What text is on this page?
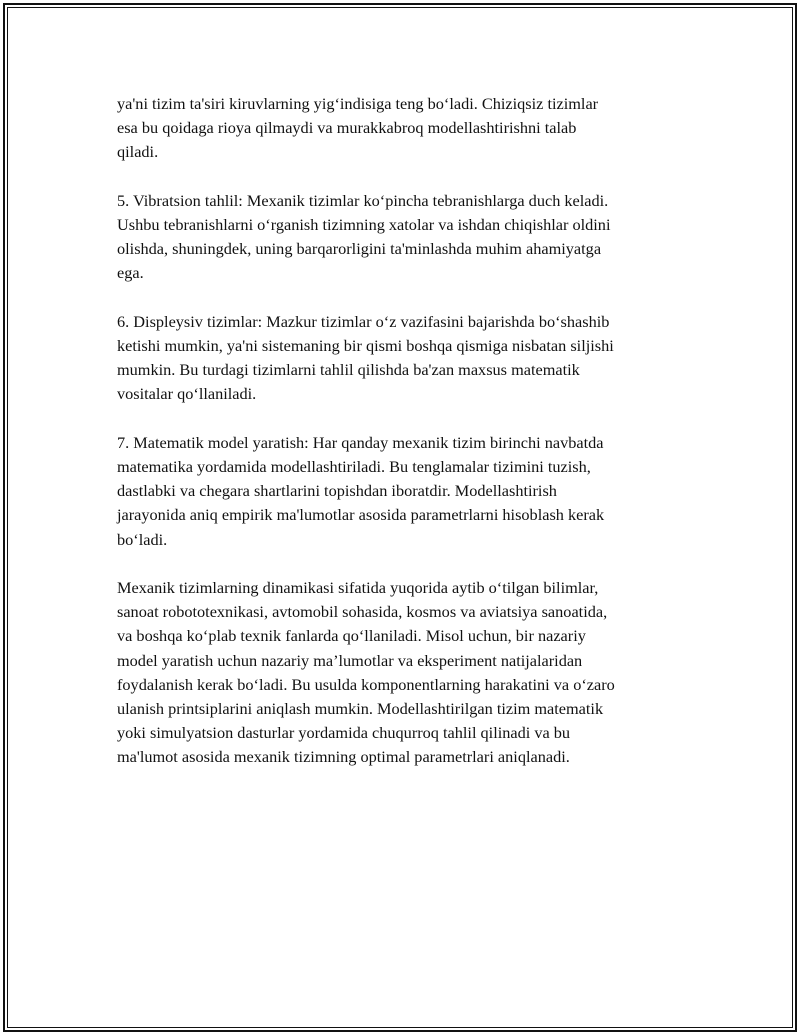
ya'ni tizim ta'siri kiruvlarning yig‘indisiga teng bo‘ladi. Chiziqsiz tizimlar
esa bu qoidaga rioya qilmaydi va murakkabroq modellashtirishni talab
qiladi.

5. Vibratsion tahlil: Mexanik tizimlar ko‘pincha tebranishlarga duch keladi.
Ushbu tebranishlarni o‘rganish tizimning xatolar va ishdan chiqishlar oldini
olishda, shuningdek, uning barqarorligini ta'minlashda muhim ahamiyatga
ega.

6. Displeysiv tizimlar: Mazkur tizimlar o‘z vazifasini bajarishda bo‘shashib
ketishi mumkin, ya'ni sistemaning bir qismi boshqa qismiga nisbatan siljishi
mumkin. Bu turdagi tizimlarni tahlil qilishda ba'zan maxsus matematik
vositalar qo‘llaniladi.

7. Matematik model yaratish: Har qanday mexanik tizim birinchi navbatda
matematika yordamida modellashtiriladi. Bu tenglamalar tizimini tuzish,
dastlabki va chegara shartlarini topishdan iboratdir. Modellashtirish
jarayonida aniq empirik ma'lumotlar asosida parametrlarni hisoblash kerak
bo‘ladi.

Mexanik tizimlarning dinamikasi sifatida yuqorida aytib o‘tilgan bilimlar,
sanoat robototexnikasi, avtomobil sohasida, kosmos va aviatsiya sanoatida,
va boshqa ko‘plab texnik fanlarda qo‘llaniladi. Misol uchun, bir nazariy
model yaratish uchun nazariy ma’lumotlar va eksperiment natijalaridan
foydalanish kerak bo‘ladi. Bu usulda komponentlarning harakatini va o‘zaro
ulanish printsiplarini aniqlash mumkin. Modellashtirilgan tizim matematik
yoki simulyatsion dasturlar yordamida chuqurroq tahlil qilinadi va bu
ma'lumot asosida mexanik tizimning optimal parametrlari aniqlanadi.
